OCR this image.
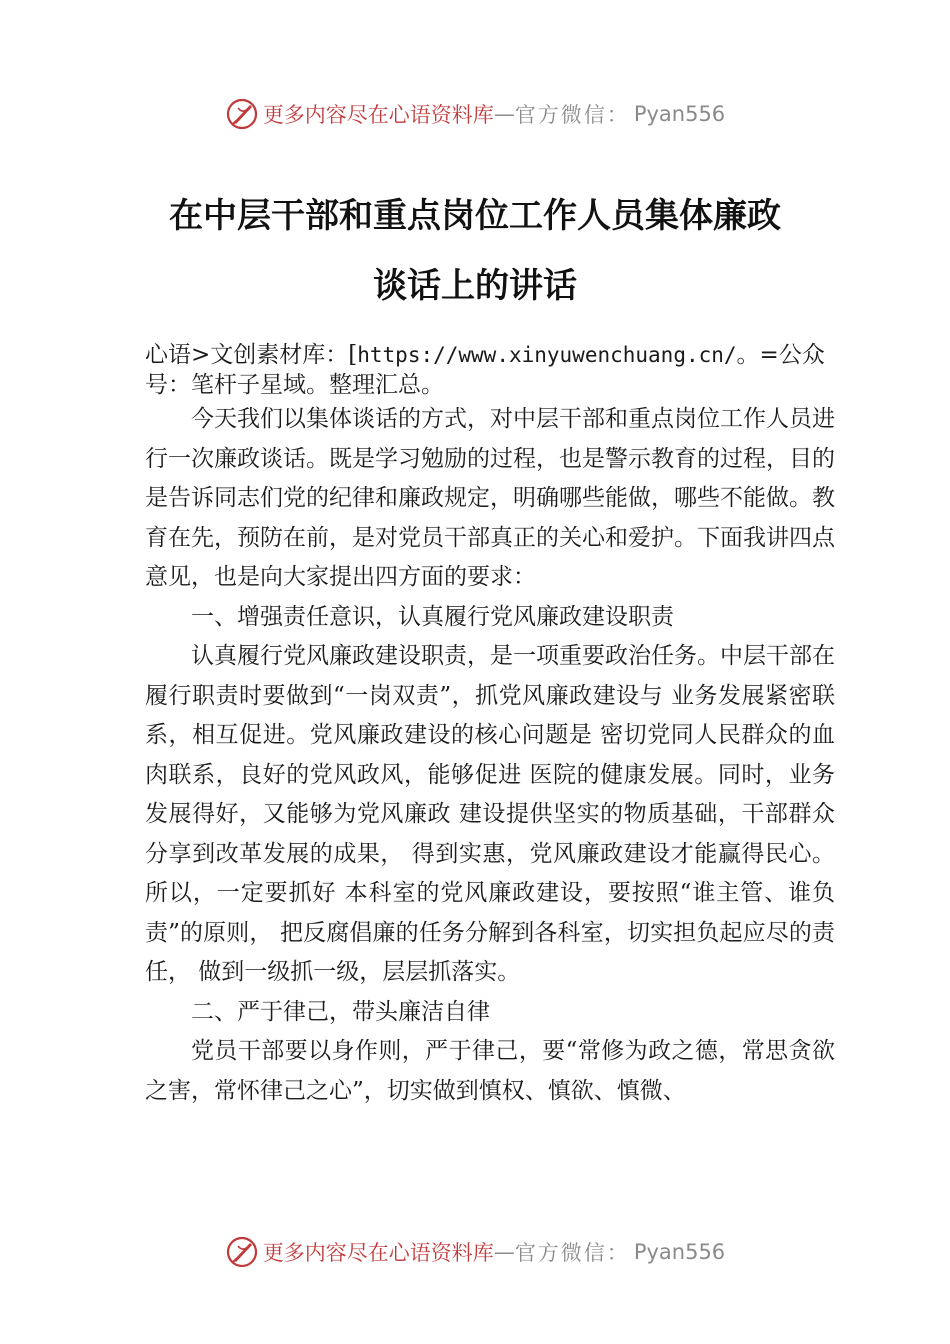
更多内容尽在心语资料库 — 官方微信： Pyan556
在中层干部和重点岗位工作人员集体廉政
谈话上的讲话
心语>文创素材库：[https://www.xinyuwenchuang.cn/。=公众号：笔杆子星域。整理汇总。

今天我们以集体谈话的方式，对中层干部和重点岗位工作人员进行一次廉政谈话。既是学习勉励的过程，也是警示教育的过程，目的是告诉同志们党的纪律和廉政规定，明确哪些能做，哪些不能做。教育在先，预防在前，是对党员干部真正的关心和爱护。下面我讲四点意见，也是向大家提出四方面的要求：

一、增强责任意识，认真履行党风廉政建设职责

认真履行党风廉政建设职责，是一项重要政治任务。中层干部在履行职责时要做到“一岗双责”，抓党风廉政建设与 业务发展紧密联系，相互促进。党风廉政建设的核心问题是 密切党同人民群众的血肉联系，良好的党风政风，能够促进 医院的健康发展。同时，业务发展得好，又能够为党风廉政 建设提供坚实的物质基础，干部群众分享到改革发展的成果， 得到实惠，党风廉政建设才能赢得民心。所以，一定要抓好 本科室的党风廉政建设，要按照“谁主管、谁负责”的原则， 把反腐倡廉的任务分解到各科室，切实担负起应尽的责任， 做到一级抓一级，层层抓落实。

二、严于律己，带头廉洁自律

党员干部要以身作则，严于律己，要“常修为政之德，常思贪欲之害，常怀律己之心”，切实做到慎权、慎欲、慎微、

更多内容尽在心语资料库 — 官方微信： Pyan556
